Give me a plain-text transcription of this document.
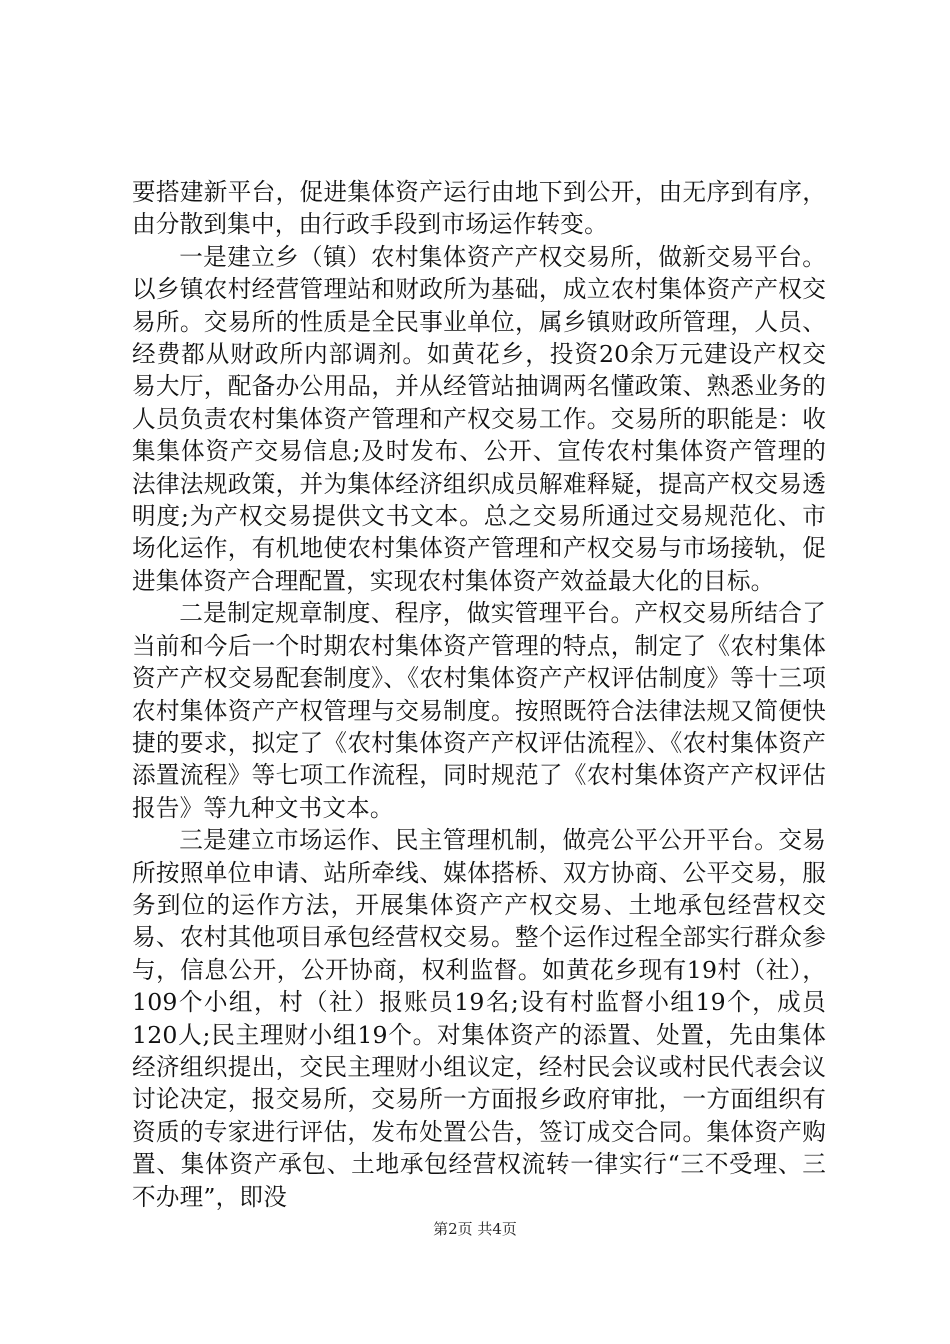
要搭建新平台，促进集体资产运行由地下到公开，由无序到有序，由分散到集中，由行政手段到市场运作转变。

一是建立乡（镇）农村集体资产产权交易所，做新交易平台。以乡镇农村经营管理站和财政所为基础，成立农村集体资产产权交易所。交易所的性质是全民事业单位，属乡镇财政所管理，人员、经费都从财政所内部调剂。如黄花乡，投资20余万元建设产权交易大厅，配备办公用品，并从经管站抽调两名懂政策、熟悉业务的人员负责农村集体资产管理和产权交易工作。交易所的职能是：收集集体资产交易信息;及时发布、公开、宣传农村集体资产管理的法律法规政策，并为集体经济组织成员解难释疑，提高产权交易透明度;为产权交易提供文书文本。总之交易所通过交易规范化、市场化运作，有机地使农村集体资产管理和产权交易与市场接轨，促进集体资产合理配置，实现农村集体资产效益最大化的目标。

二是制定规章制度、程序，做实管理平台。产权交易所结合了当前和今后一个时期农村集体资产管理的特点，制定了《农村集体资产产权交易配套制度》、《农村集体资产产权评估制度》等十三项农村集体资产产权管理与交易制度。按照既符合法律法规又简便快捷的要求，拟定了《农村集体资产产权评估流程》、《农村集体资产添置流程》等七项工作流程，同时规范了《农村集体资产产权评估报告》等九种文书文本。

三是建立市场运作、民主管理机制，做亮公平公开平台。交易所按照单位申请、站所牵线、媒体搭桥、双方协商、公平交易，服务到位的运作方法，开展集体资产产权交易、土地承包经营权交易、农村其他项目承包经营权交易。整个运作过程全部实行群众参与，信息公开，公开协商，权利监督。如黄花乡现有19村（社），109个小组，村（社）报账员19名;设有村监督小组19个，成员120人;民主理财小组19个。对集体资产的添置、处置，先由集体经济组织提出，交民主理财小组议定，经村民会议或村民代表会议讨论决定，报交易所，交易所一方面报乡政府审批，一方面组织有资质的专家进行评估，发布处置公告，签订成交合同。集体资产购置、集体资产承包、土地承包经营权流转一律实行“三不受理、三不办理”，即没

第2页 共4页
